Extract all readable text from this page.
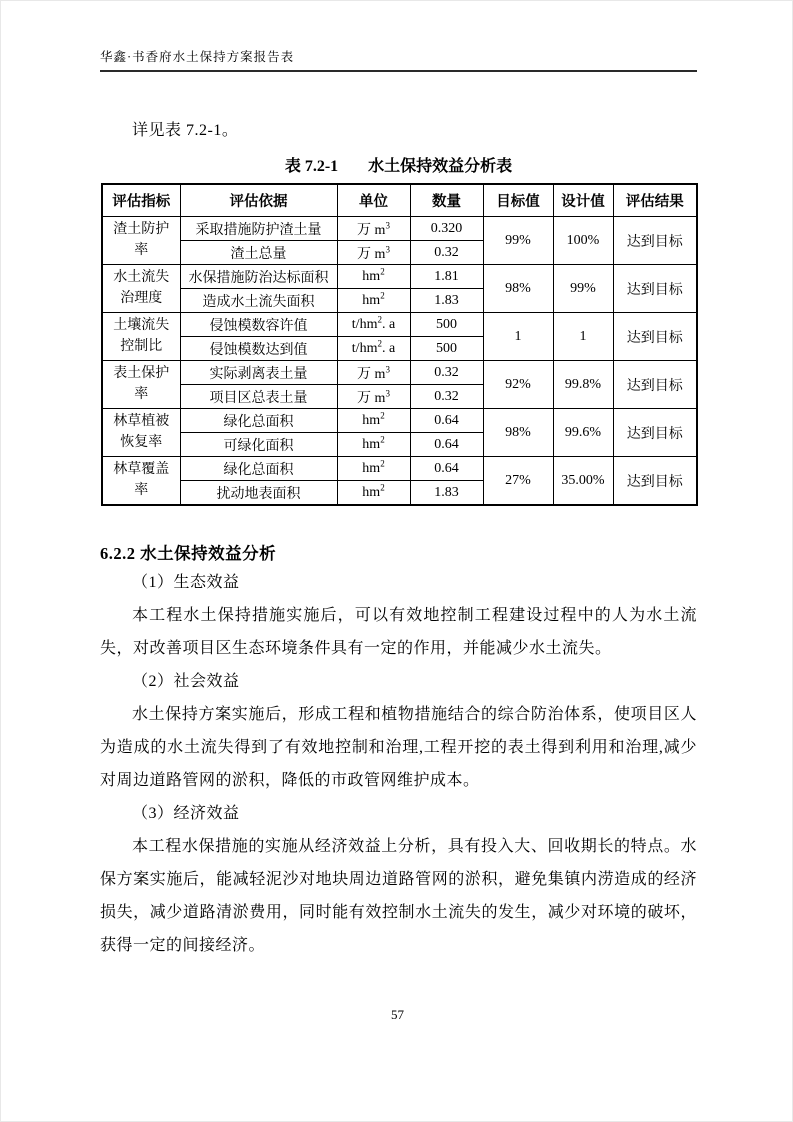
华鑫·书香府水土保持方案报告表

详见表 7.2-1。

表 7.2-1 水土保持效益分析表
评估指标	评估依据	单位	数量	目标值	设计值	评估结果
渣土防护率	采取措施防护渣土量	万 $m^3$	0.320	99%	100%	达到目标
	渣土总量	万 $m^3$	0.32			
水土流失治理度	水保措施防治达标面积	$hm^2$	1.81	98%	99%	达到目标
	造成水土流失面积	$hm^2$	1.83			
土壤流失控制比	侵蚀模数容许值	$t/hm^2$. a	500	1	1	达到目标
	侵蚀模数达到值	$t/hm^2$. a	500			
表土保护率	实际剥离表土量	万 $m^3$	0.32	92%	99.8%	达到目标
	项目区总表土量	万 $m^3$	0.32			
林草植被恢复率	绿化总面积	$hm^2$	0.64	98%	99.6%	达到目标
	可绿化面积	$hm^2$	0.64			
林草覆盖率	绿化总面积	$hm^2$	0.64	27%	35.00%	达到目标
	扰动地表面积	$hm^2$	1.83			
6.2.2 水土保持效益分析

（1）生态效益

本工程水土保持措施实施后，可以有效地控制工程建设过程中的人为水土流失，对改善项目区生态环境条件具有一定的作用，并能减少水土流失。

（2）社会效益

水土保持方案实施后，形成工程和植物措施结合的综合防治体系，使项目区人为造成的水土流失得到了有效地控制和治理,工程开挖的表土得到利用和治理,减少对周边道路管网的淤积，降低的市政管网维护成本。

（3）经济效益

本工程水保措施的实施从经济效益上分析，具有投入大、回收期长的特点。水保方案实施后，能减轻泥沙对地块周边道路管网的淤积，避免集镇内涝造成的经济损失，减少道路清淤费用，同时能有效控制水土流失的发生，减少对环境的破坏，获得一定的间接经济。

57
